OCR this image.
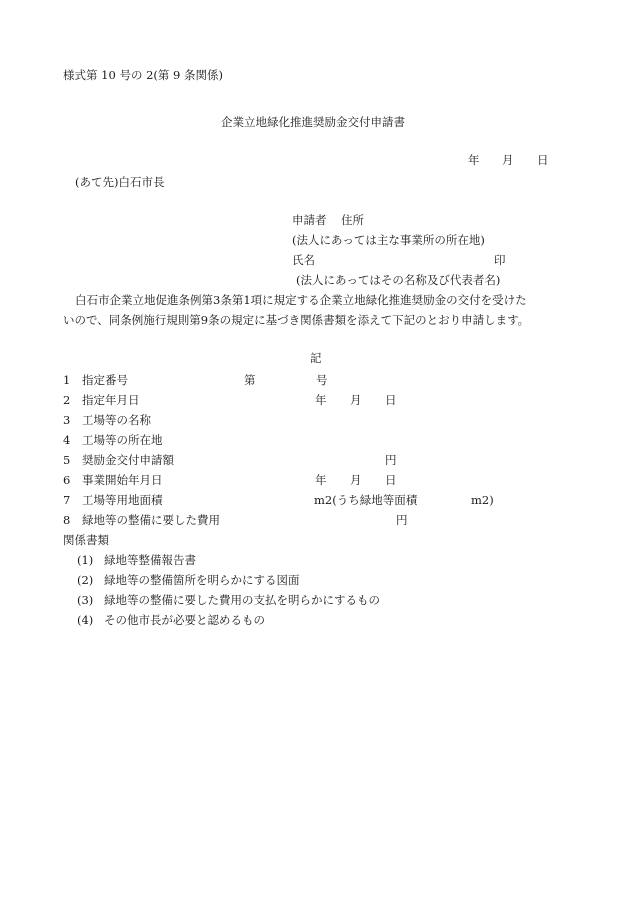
様式第 10 号の 2(第 9 条関係)
企業立地緑化推進奨励金交付申請書
年 月 日
(あて先)白石市長
申請者 住所
(法人にあっては主な事業所の所在地)
氏名	印
(法人にあってはその名称及び代表者名)
白石市企業立地促進条例第3条第1項に規定する企業立地緑化推進奨励金の交付を受けた
いので、同条例施行規則第9条の規定に基づき関係書類を添えて下記のとおり申請します。
記
1 指定番号	第	号
2 指定年月日	年 月 日
3 工場等の名称
4 工場等の所在地
5 奨励金交付申請額	円
6 事業開始年月日	年 月 日
7 工場等用地面積	m2(うち緑地等面積	m2)
8 緑地等の整備に要した費用	円
関係書類
(1) 緑地等整備報告書
(2) 緑地等の整備箇所を明らかにする図面
(3) 緑地等の整備に要した費用の支払を明らかにするもの
(4) その他市長が必要と認めるもの
